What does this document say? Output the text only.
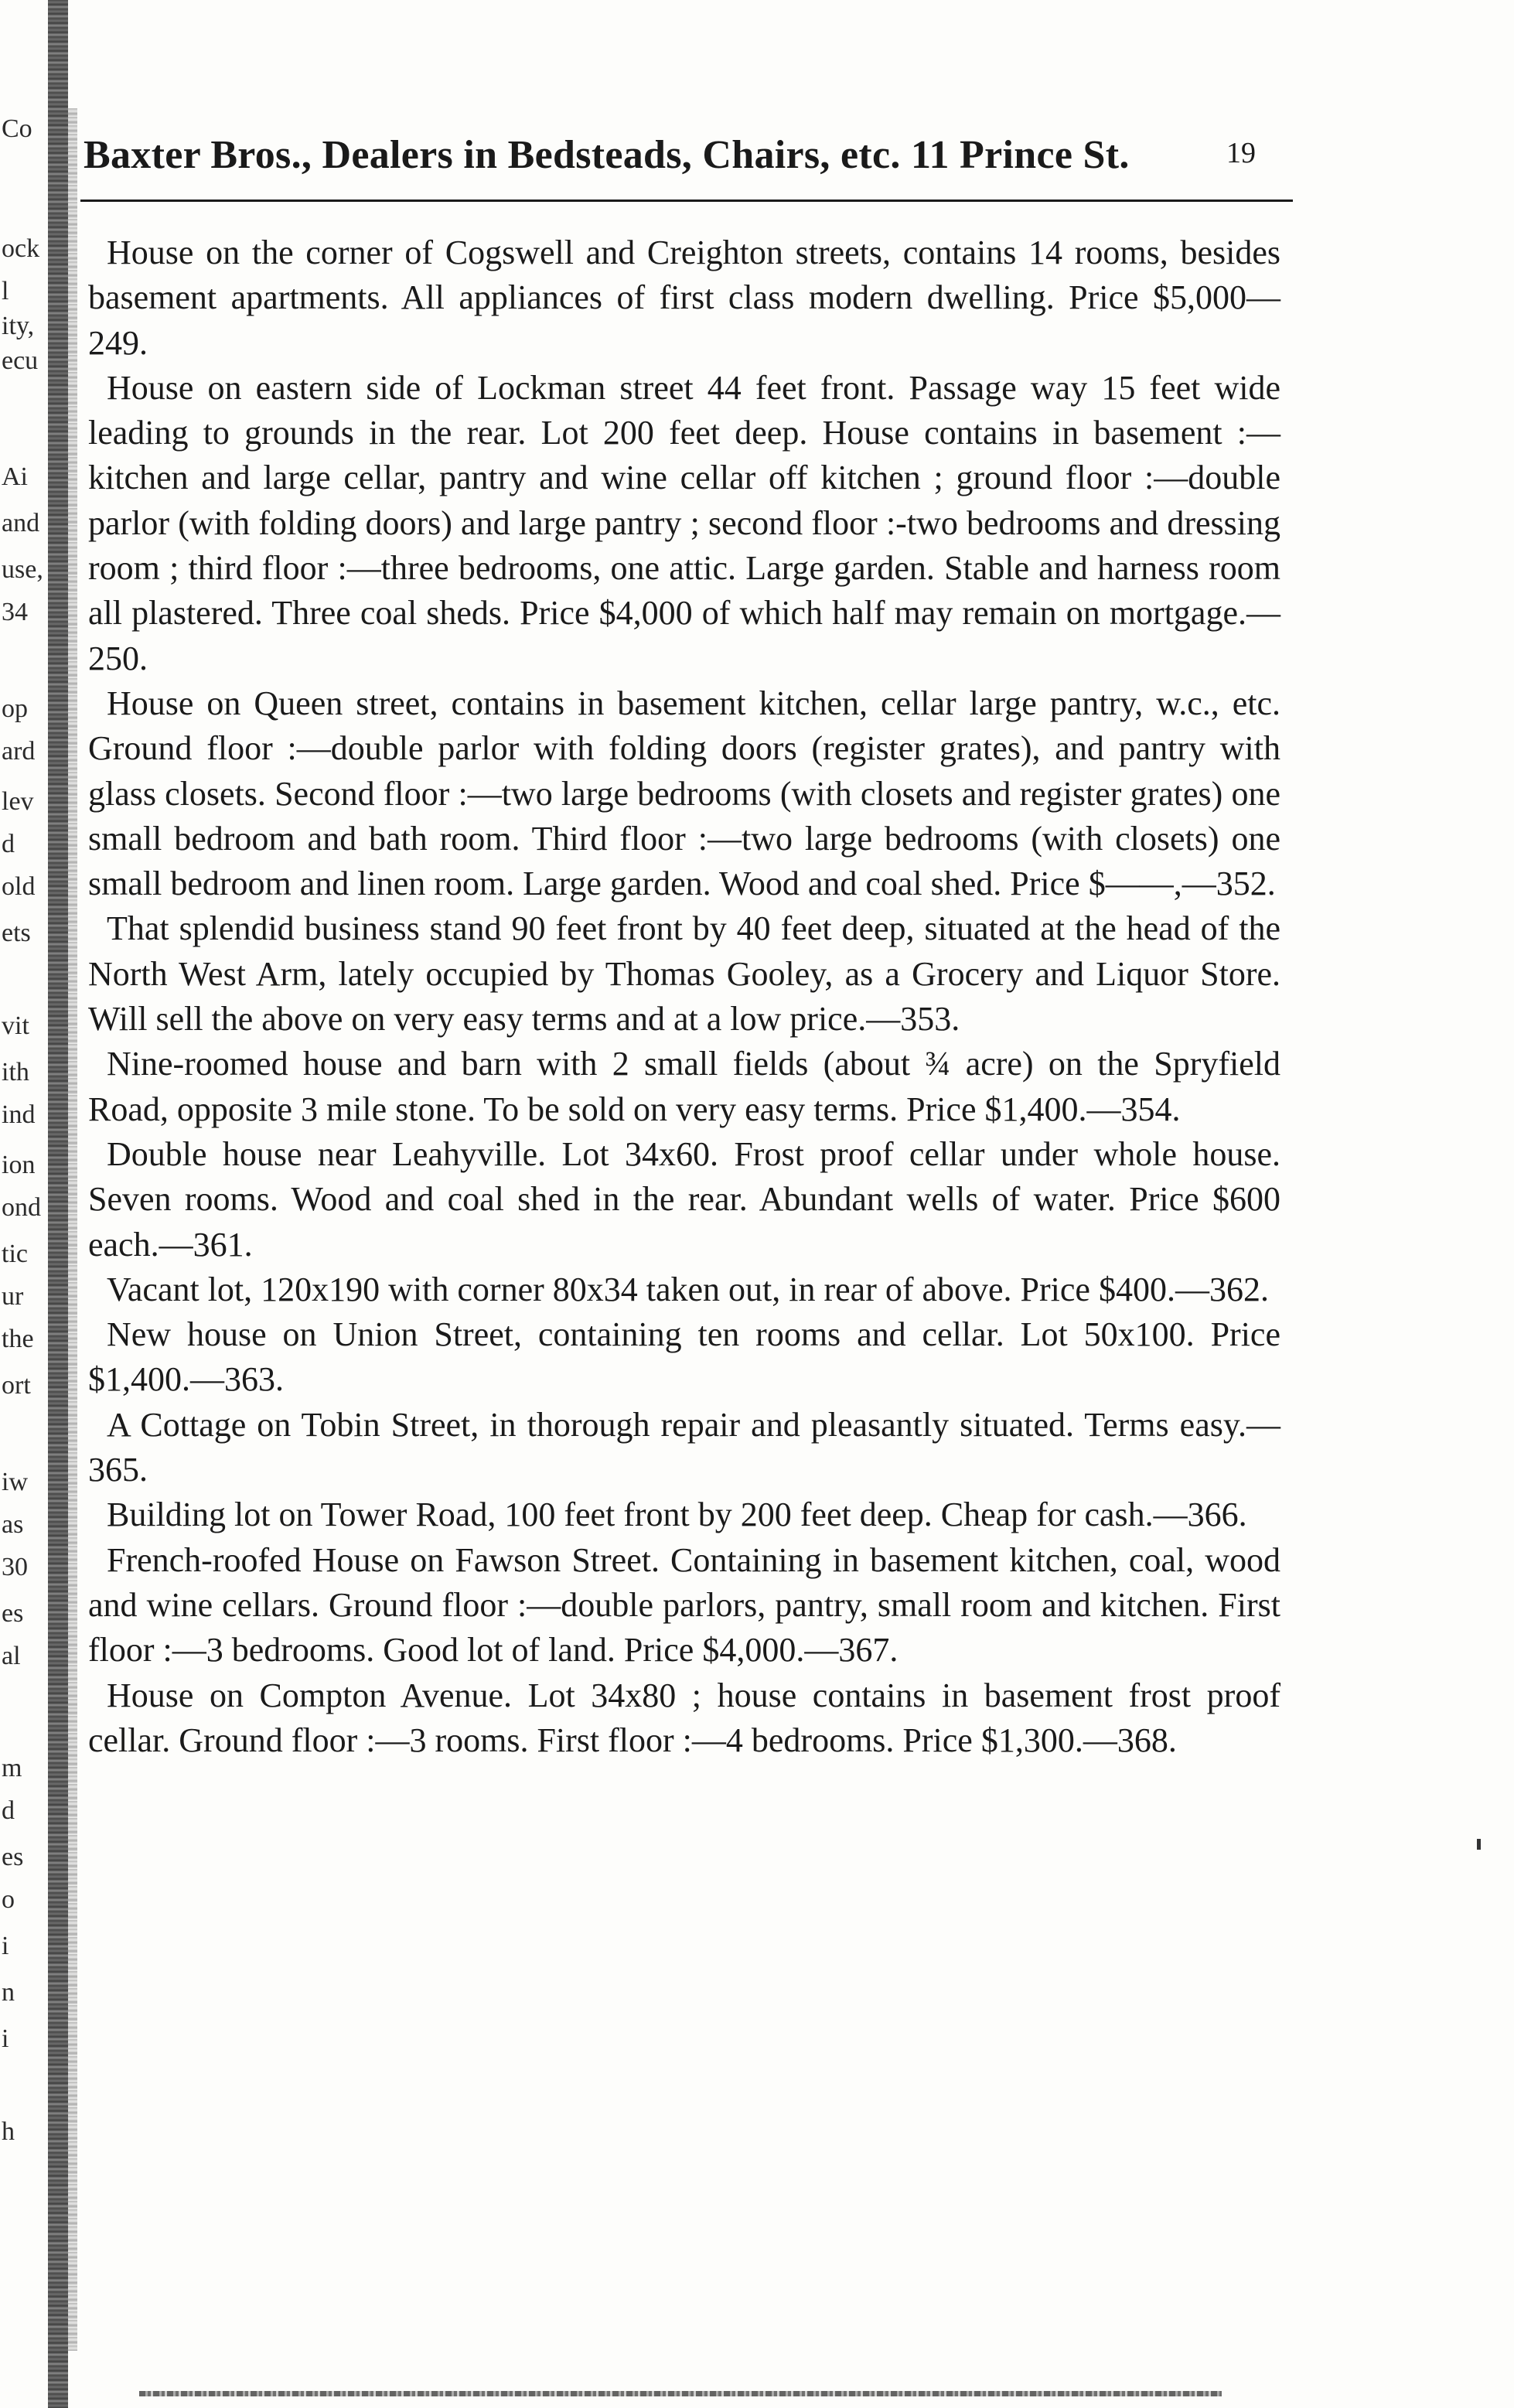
Co
ock
l
ity,
ecu
Ai
and
use,
34
op
ard
lev
d
old
ets
vit
ith
ind
ion
ond
tic
ur
the
ort
iw
as
30
es
al
m
d
es
o
i
n
i
h
Baxter Bros., Dealers in Bedsteads, Chairs, etc. 11 Prince St.	19

House on the corner of Cogswell and Creighton streets, contains 14 rooms, besides basement apartments. All appliances of first class modern dwelling. Price $5,000—249.

House on eastern side of Lockman street 44 feet front. Passage way 15 feet wide leading to grounds in the rear. Lot 200 feet deep. House contains in basement :—kitchen and large cellar, pantry and wine cellar off kitchen ; ground floor :—double parlor (with folding doors) and large pantry ; second floor :-two bedrooms and dressing room ; third floor :—three bedrooms, one attic. Large garden. Stable and harness room all plastered. Three coal sheds. Price $4,000 of which half may remain on mortgage.—250.

House on Queen street, contains in basement kitchen, cellar large pantry, w.c., etc. Ground floor :—double parlor with folding doors (register grates), and pantry with glass closets. Second floor :—two large bedrooms (with closets and register grates) one small bedroom and bath room. Third floor :—two large bedrooms (with closets) one small bedroom and linen room. Large garden. Wood and coal shed. Price $——,—352.

That splendid business stand 90 feet front by 40 feet deep, situated at the head of the North West Arm, lately occupied by Thomas Gooley, as a Grocery and Liquor Store. Will sell the above on very easy terms and at a low price.—353.

Nine-roomed house and barn with 2 small fields (about ¾ acre) on the Spryfield Road, opposite 3 mile stone. To be sold on very easy terms. Price $1,400.—354.

Double house near Leahyville. Lot 34x60. Frost proof cellar under whole house. Seven rooms. Wood and coal shed in the rear. Abundant wells of water. Price $600 each.—361.

Vacant lot, 120x190 with corner 80x34 taken out, in rear of above. Price $400.—362.

New house on Union Street, containing ten rooms and cellar. Lot 50x100. Price $1,400.—363.

A Cottage on Tobin Street, in thorough repair and pleasantly situated. Terms easy.—365.

Building lot on Tower Road, 100 feet front by 200 feet deep. Cheap for cash.—366.

French-roofed House on Fawson Street. Containing in basement kitchen, coal, wood and wine cellars. Ground floor :—double parlors, pantry, small room and kitchen. First floor :—3 bedrooms. Good lot of land. Price $4,000.—367.

House on Compton Avenue. Lot 34x80 ; house contains in basement frost proof cellar. Ground floor :—3 rooms. First floor :—4 bedrooms. Price $1,300.—368.
